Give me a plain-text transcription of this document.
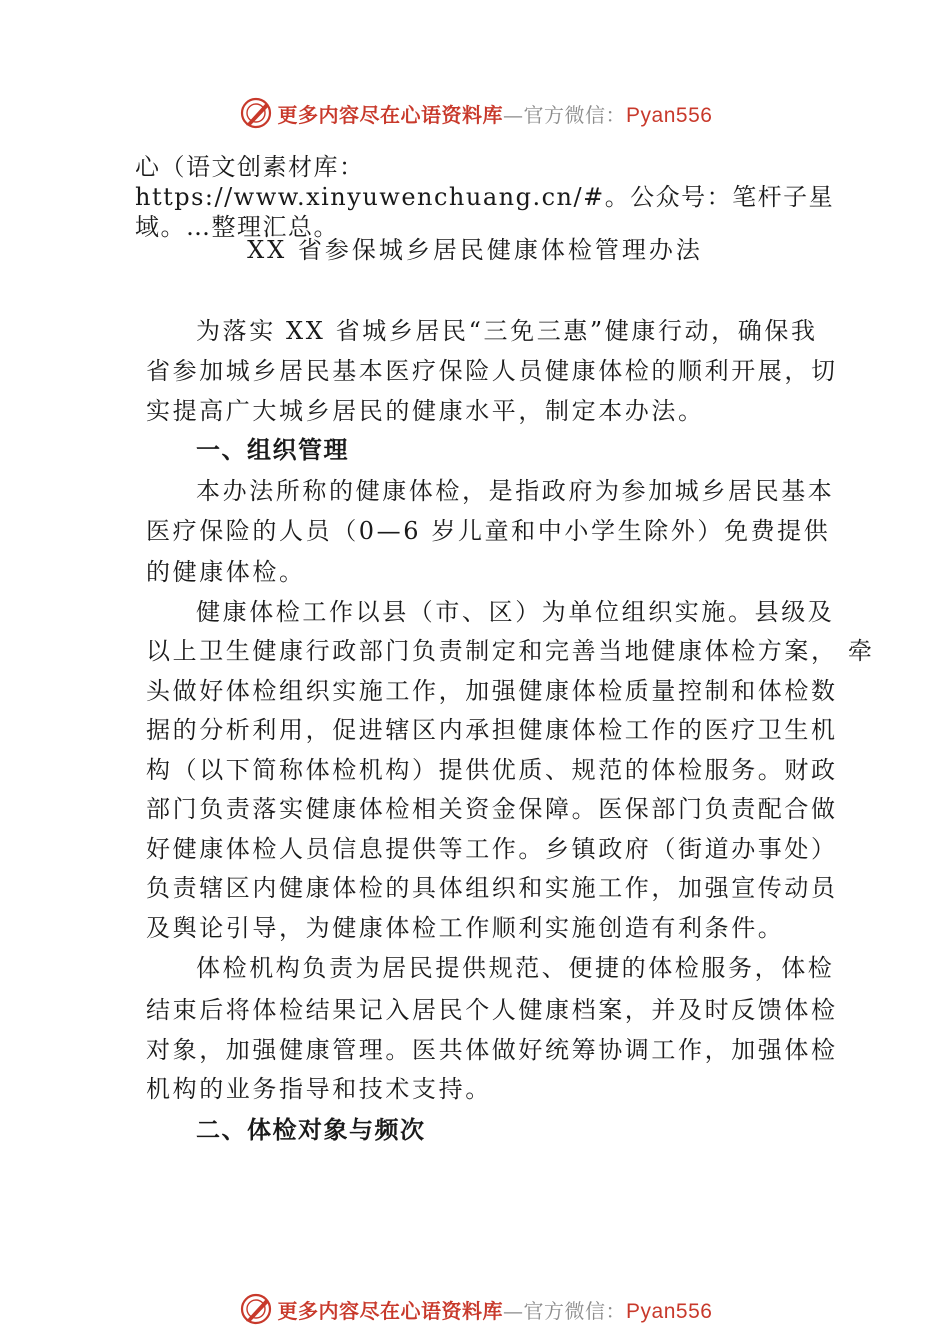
更多内容尽在心语资料库—官方微信：Pyan556
心（语文创素材库：https://www.xinyuwenchuang.cn/#。公众号：笔杆子星域。…整理汇总。
XX 省参保城乡居民健康体检管理办法
为落实 XX 省城乡居民“三免三惠”健康行动，确保我
省参加城乡居民基本医疗保险人员健康体检的顺利开展，切
实提高广大城乡居民的健康水平，制定本办法。
一、组织管理
本办法所称的健康体检，是指政府为参加城乡居民基本
医疗保险的人员（0—6 岁儿童和中小学生除外）免费提供
的健康体检。
健康体检工作以县（市、区）为单位组织实施。县级及
以上卫生健康行政部门负责制定和完善当地健康体检方案， 牵
头做好体检组织实施工作，加强健康体检质量控制和体检数
据的分析利用，促进辖区内承担健康体检工作的医疗卫生机
构（以下简称体检机构）提供优质、规范的体检服务。财政
部门负责落实健康体检相关资金保障。医保部门负责配合做
好健康体检人员信息提供等工作。乡镇政府（街道办事处）
负责辖区内健康体检的具体组织和实施工作，加强宣传动员
及舆论引导，为健康体检工作顺利实施创造有利条件。
体检机构负责为居民提供规范、便捷的体检服务，体检
结束后将体检结果记入居民个人健康档案，并及时反馈体检
对象，加强健康管理。医共体做好统筹协调工作，加强体检
机构的业务指导和技术支持。
二、体检对象与频次
更多内容尽在心语资料库—官方微信：Pyan556
